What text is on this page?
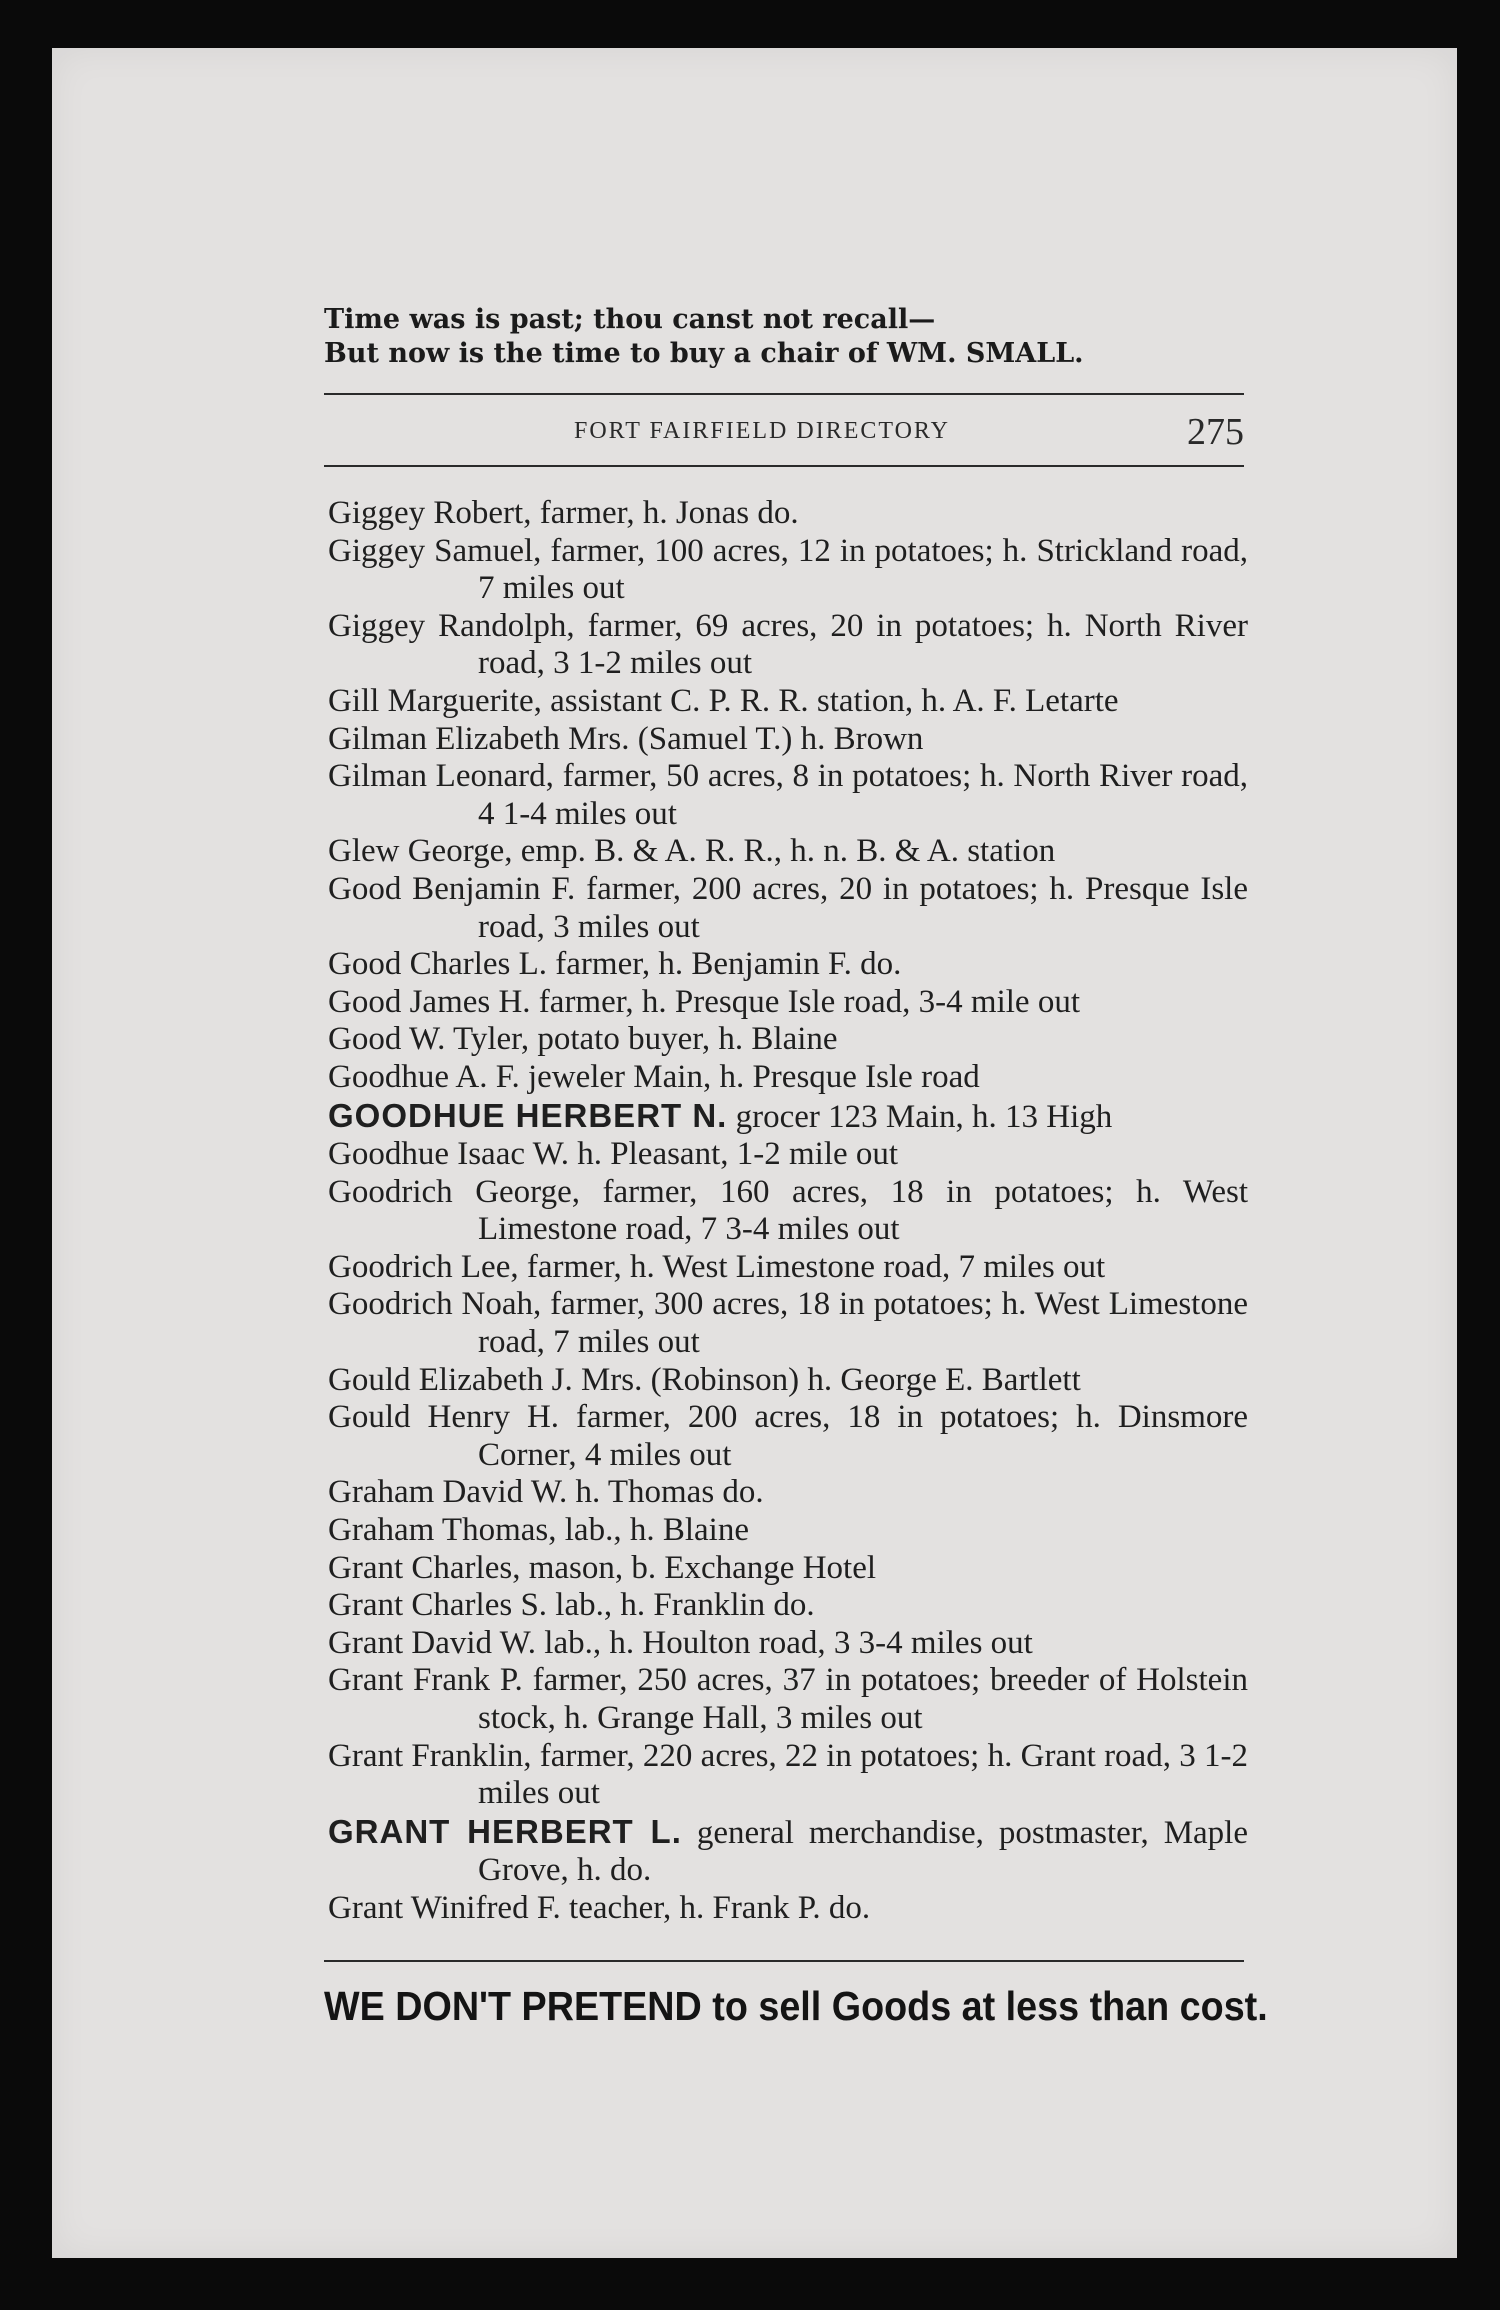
Time was is past; thou canst not recall—
But now is the time to buy a chair of WM. SMALL.
FORT FAIRFIELD DIRECTORY	275
Giggey Robert, farmer, h. Jonas do.
Giggey Samuel, farmer, 100 acres, 12 in potatoes; h. Strickland road, 7 miles out
Giggey Randolph, farmer, 69 acres, 20 in potatoes; h. North River road, 3 1-2 miles out
Gill Marguerite, assistant C. P. R. R. station, h. A. F. Letarte
Gilman Elizabeth Mrs. (Samuel T.) h. Brown
Gilman Leonard, farmer, 50 acres, 8 in potatoes; h. North River road, 4 1-4 miles out
Glew George, emp. B. & A. R. R., h. n. B. & A. station
Good Benjamin F. farmer, 200 acres, 20 in potatoes; h. Presque Isle road, 3 miles out
Good Charles L. farmer, h. Benjamin F. do.
Good James H. farmer, h. Presque Isle road, 3-4 mile out
Good W. Tyler, potato buyer, h. Blaine
Goodhue A. F. jeweler Main, h. Presque Isle road
GOODHUE HERBERT N. grocer 123 Main, h. 13 High
Goodhue Isaac W. h. Pleasant, 1-2 mile out
Goodrich George, farmer, 160 acres, 18 in potatoes; h. West Limestone road, 7 3-4 miles out
Goodrich Lee, farmer, h. West Limestone road, 7 miles out
Goodrich Noah, farmer, 300 acres, 18 in potatoes; h. West Limestone road, 7 miles out
Gould Elizabeth J. Mrs. (Robinson) h. George E. Bartlett
Gould Henry H. farmer, 200 acres, 18 in potatoes; h. Dinsmore Corner, 4 miles out
Graham David W. h. Thomas do.
Graham Thomas, lab., h. Blaine
Grant Charles, mason, b. Exchange Hotel
Grant Charles S. lab., h. Franklin do.
Grant David W. lab., h. Houlton road, 3 3-4 miles out
Grant Frank P. farmer, 250 acres, 37 in potatoes; breeder of Holstein stock, h. Grange Hall, 3 miles out
Grant Franklin, farmer, 220 acres, 22 in potatoes; h. Grant road, 3 1-2 miles out
GRANT HERBERT L. general merchandise, postmaster, Maple Grove, h. do.
Grant Winifred F. teacher, h. Frank P. do.
WE DON'T PRETEND to sell Goods at less than cost.
